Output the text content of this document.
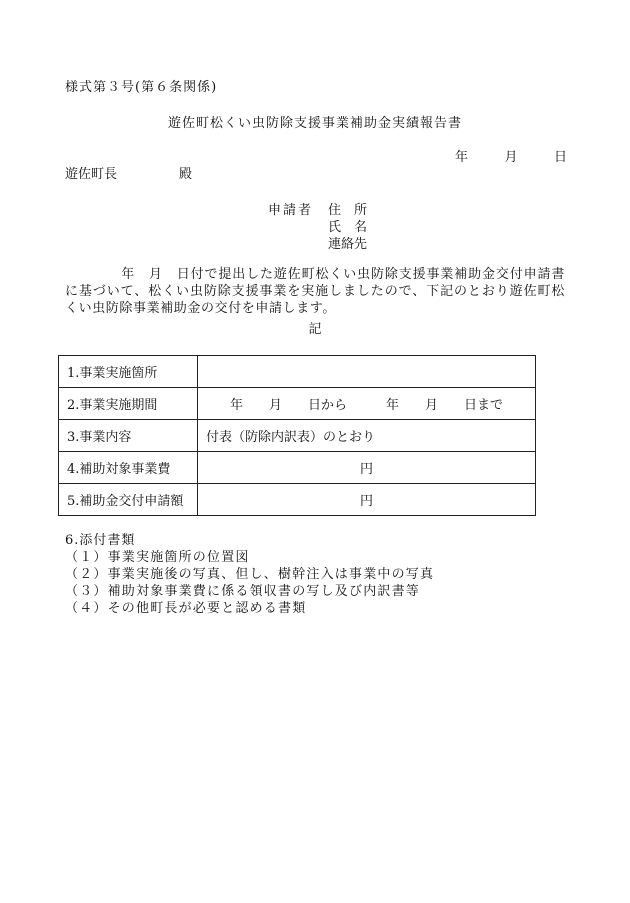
様式第３号(第６条関係)
遊佐町松くい虫防除支援事業補助金実績報告書
年	月	日
遊佐町長	殿
申請者 住　所
氏　名
連絡先
年　月　日付で提出した遊佐町松くい虫防除支援事業補助金交付申請書に基づいて、松くい虫防除支援事業を実施しましたので、下記のとおり遊佐町松くい虫防除事業補助金の交付を申請します。
記
1.事業実施箇所	
2.事業実施期間	年　　月　　日から　　　年　　月　　日まで
3.事業内容	付表（防除内訳表）のとおり
4.補助対象事業費	円
5.補助金交付申請額	円
6.添付書類
（１）事業実施箇所の位置図
（２）事業実施後の写真、但し、樹幹注入は事業中の写真
（３）補助対象事業費に係る領収書の写し及び内訳書等
（４）その他町長が必要と認める書類
